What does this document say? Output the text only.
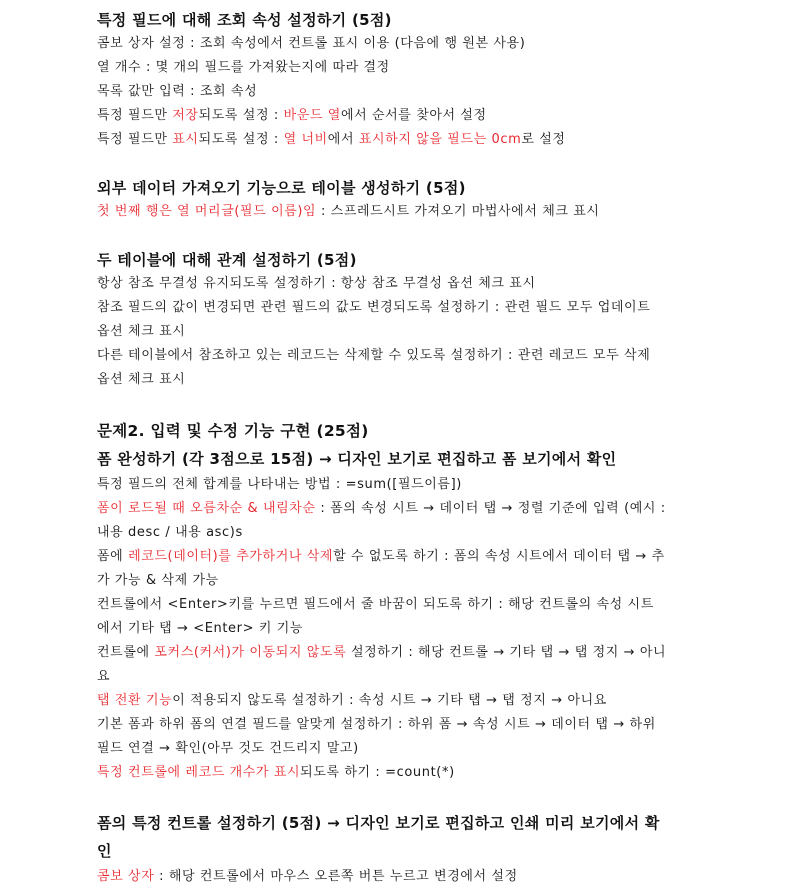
특정 필드에 대해 조회 속성 설정하기 (5점)

콤보 상자 설정 : 조회 속성에서 컨트롤 표시 이용 (다음에 행 원본 사용)

열 개수 : 몇 개의 필드를 가져왔는지에 따라 결정

목록 값만 입력 : 조회 속성

특정 필드만 저장되도록 설정 : 바운드 열에서 순서를 찾아서 설정

특정 필드만 표시되도록 설정 : 열 너비에서 표시하지 않을 필드는 0cm로 설정

외부 데이터 가져오기 기능으로 테이블 생성하기 (5점)

첫 번째 행은 열 머리글(필드 이름)임 : 스프레드시트 가져오기 마법사에서 체크 표시

두 테이블에 대해 관계 설정하기 (5점)

항상 참조 무결성 유지되도록 설정하기 : 항상 참조 무결성 옵션 체크 표시

참조 필드의 값이 변경되면 관련 필드의 값도 변경되도록 설정하기 : 관련 필드 모두 업데이트 옵션 체크 표시

다른 테이블에서 참조하고 있는 레코드는 삭제할 수 있도록 설정하기 : 관련 레코드 모두 삭제 옵션 체크 표시

문제2. 입력 및 수정 기능 구현 (25점)

폼 완성하기 (각 3점으로 15점) → 디자인 보기로 편집하고 폼 보기에서 확인

특정 필드의 전체 합계를 나타내는 방법 : =sum([필드이름])

폼이 로드될 때 오름차순 & 내림차순 : 폼의 속성 시트 → 데이터 탭 → 정렬 기준에 입력 (예시 : 내용 desc / 내용 asc)s

폼에 레코드(데이터)를 추가하거나 삭제할 수 없도록 하기 : 폼의 속성 시트에서 데이터 탭 → 추가 가능 & 삭제 가능

컨트롤에서 <Enter>키를 누르면 필드에서 줄 바꿈이 되도록 하기 : 해당 컨트롤의 속성 시트에서 기타 탭 → <Enter> 키 기능

컨트롤에 포커스(커서)가 이동되지 않도록 설정하기 : 해당 컨트롤 → 기타 탭 → 탭 정지 → 아니요

탭 전환 기능이 적용되지 않도록 설정하기 : 속성 시트 → 기타 탭 → 탭 정지 → 아니요

기본 폼과 하위 폼의 연결 필드를 알맞게 설정하기 : 하위 폼 → 속성 시트 → 데이터 탭 → 하위 필드 연결 → 확인(아무 것도 건드리지 말고)

특정 컨트롤에 레코드 개수가 표시되도록 하기 : =count(*)

폼의 특정 컨트롤 설정하기 (5점) → 디자인 보기로 편집하고 인쇄 미리 보기에서 확인

콤보 상자 : 해당 컨트롤에서 마우스 오른쪽 버튼 누르고 변경에서 설정
